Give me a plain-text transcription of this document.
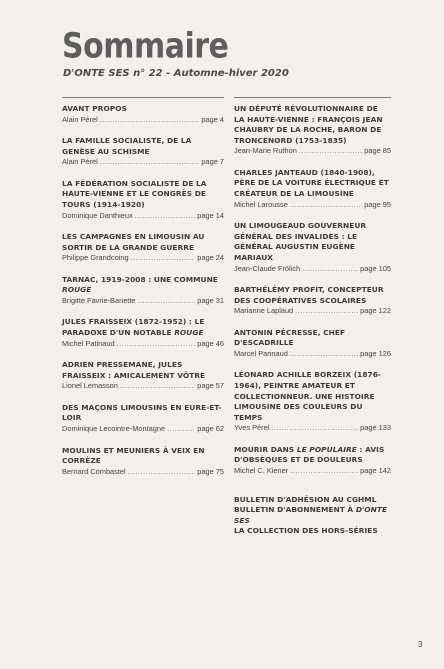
Sommaire
D'ONTE SES n° 22 - Automne-hiver 2020
AVANT PROPOS
Alain Pérel .....	page 4
LA FAMILLE SOCIALISTE, DE LA GENÈSE AU SCHISME
Alain Pérel .....	page 7
LA FÉDÉRATION SOCIALISTE DE LA HAUTE-VIENNE ET LE CONGRÈS DE TOURS (1914-1920)
Dominique Danthieux .....	page 14
LES CAMPAGNES EN LIMOUSIN AU SORTIR DE LA GRANDE GUERRE
Philippe Grandcoing .....	page 24
TARNAC, 1919-2008 : UNE COMMUNE ROUGE
Brigitte Favrie-Banette .....	page 31
JULES FRAISSEIX (1872-1952) : LE PARADOXE D'UN NOTABLE ROUGE
Michel Patinaud .....	page 46
ADRIEN PRESSEMANE, JULES FRAISSEIX : AMICALEMENT VÔTRE
Lionel Lemasson .....	page 57
DES MAÇONS LIMOUSINS EN EURE-ET-LOIR
Dominique Lecointre-Montagne .....	page 62
MOULINS ET MEUNIERS À VEIX EN CORRÈZE
Bernard Combastel .....	page 75
UN DÉPUTÉ RÉVOLUTIONNAIRE DE LA HAUTE-VIENNE : FRANÇOIS JEAN CHAUBRY DE LA ROCHE, BARON DE TRONCENORD (1753-1835)
Jean-Marie Ruthon .....	page 85
CHARLES JANTEAUD (1840-1908), PÈRE DE LA VOITURE ÉLECTRIQUE ET CRÉATEUR DE LA LIMOUSINE
Michel Larousse .....	page 95
UN LIMOUGEAUD GOUVERNEUR GÉNÉRAL DES INVALIDES : LE GÉNÉRAL AUGUSTIN EUGÈNE MARIAUX
Jean-Claude Frölich .....	page 105
BARTHÉLÉMY PROFIT, CONCEPTEUR DES COOPÉRATIVES SCOLAIRES
Marianne Laplaud .....	page 122
ANTONIN PÉCRESSE, CHEF D'ESCADRILLE
Marcel Parinaud .....	page 126
LÉONARD ACHILLE BORZEIX (1876-1964), PEINTRE AMATEUR ET COLLECTIONNEUR. UNE HISTOIRE LIMOUSINE DES COULEURS DU TEMPS
Yves Pérel .....	page 133
MOURIR DANS LE POPULAIRE : AVIS D'OBSÈQUES ET DE DOULEURS
Michel C. Kiener .....	page 142
BULLETIN D'ADHÉSION AU CGHML
BULLETIN D'ABONNEMENT À D'ONTE SES
LA COLLECTION DES HORS-SÉRIES
3
